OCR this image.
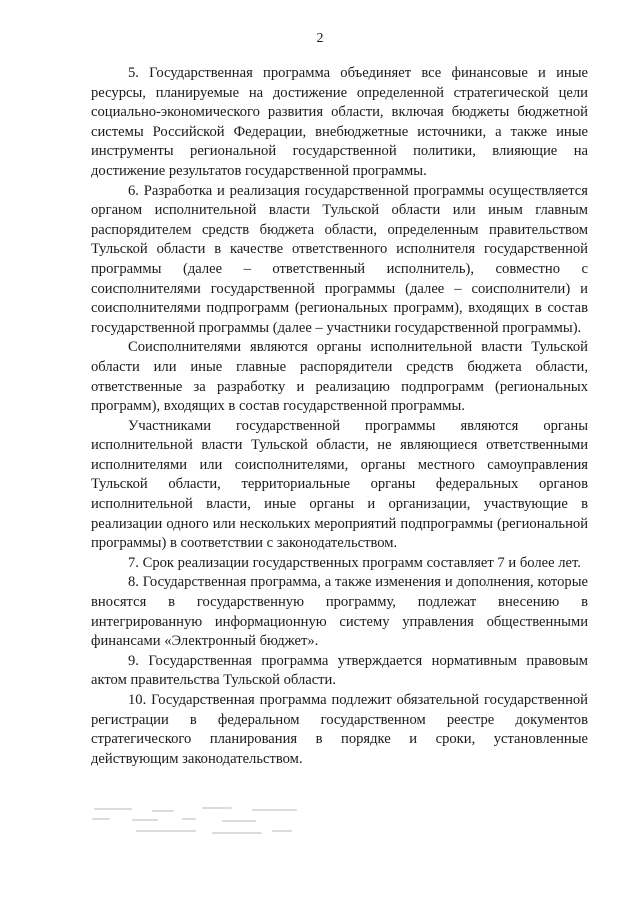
2

5. Государственная программа объединяет все финансовые и иные ресурсы, планируемые на достижение определенной стратегической цели социально-экономического развития области, включая бюджеты бюджетной системы Российской Федерации, внебюджетные источники, а также иные инструменты региональной государственной политики, влияющие на достижение результатов государственной программы.

6. Разработка и реализация государственной программы осуществляется органом исполнительной власти Тульской области или иным главным распорядителем средств бюджета области, определенным правительством Тульской области в качестве ответственного исполнителя государственной программы (далее – ответственный исполнитель), совместно с соисполнителями государственной программы (далее – соисполнители) и соисполнителями подпрограмм (региональных программ), входящих в состав государственной программы (далее – участники государственной программы).

Соисполнителями являются органы исполнительной власти Тульской области или иные главные распорядители средств бюджета области, ответственные за разработку и реализацию подпрограмм (региональных программ), входящих в состав государственной программы.

Участниками государственной программы являются органы исполнительной власти Тульской области, не являющиеся ответственными исполнителями или соисполнителями, органы местного самоуправления Тульской области, территориальные органы федеральных органов исполнительной власти, иные органы и организации, участвующие в реализации одного или нескольких мероприятий подпрограммы (региональной программы) в соответствии с законодательством.

7. Срок реализации государственных программ составляет 7 и более лет.

8. Государственная программа, а также изменения и дополнения, которые вносятся в государственную программу, подлежат внесению в интегрированную информационную систему управления общественными финансами «Электронный бюджет».

9. Государственная программа утверждается нормативным правовым актом правительства Тульской области.

10. Государственная программа подлежит обязательной государственной регистрации в федеральном государственном реестре документов стратегического планирования в порядке и сроки, установленные действующим законодательством.
